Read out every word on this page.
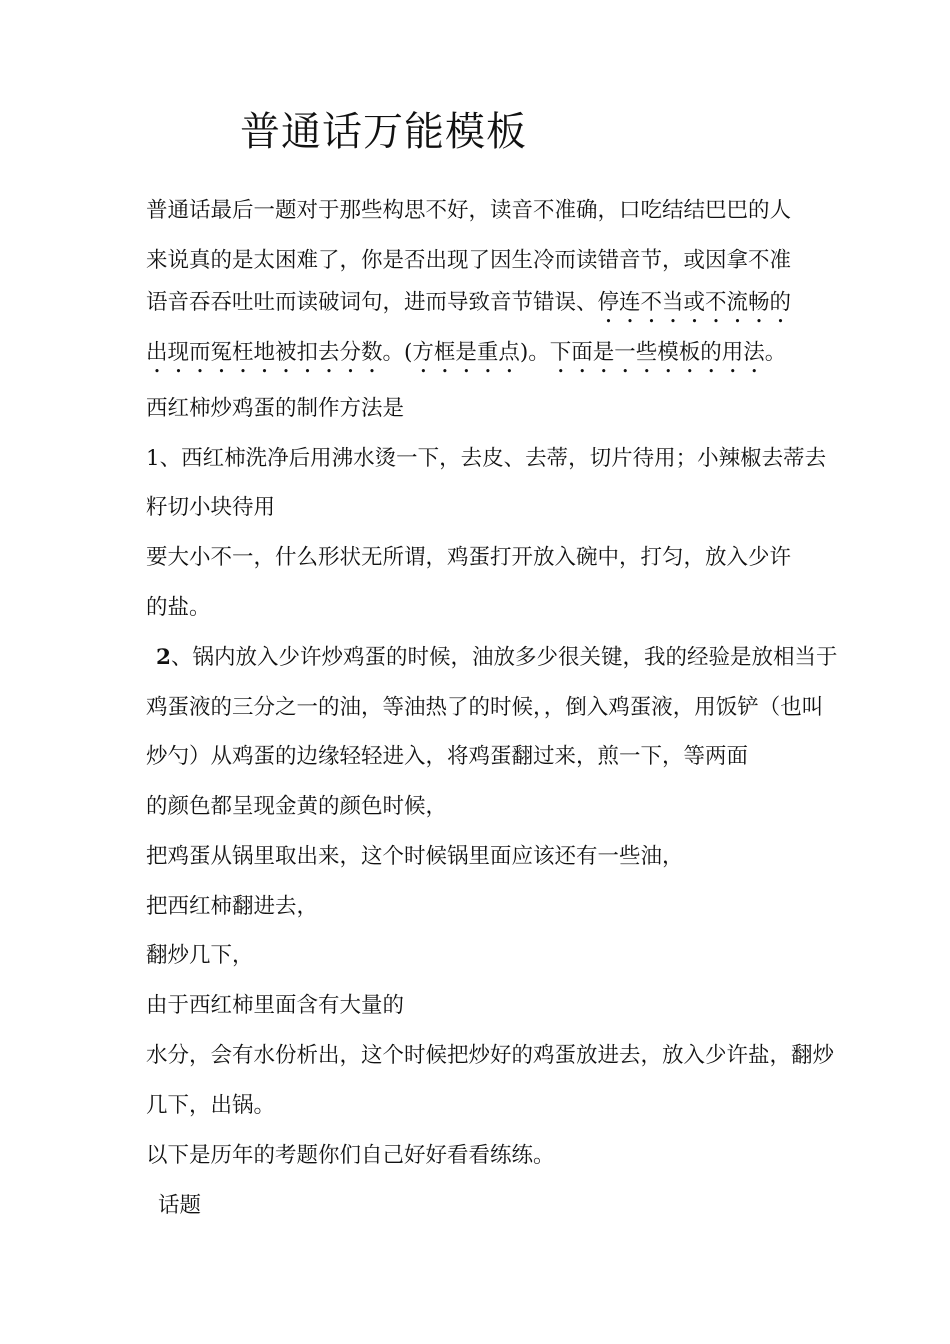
普通话万能模板
普通话最后一题对于那些构思不好，读音不准确，口吃结结巴巴的人
来说真的是太困难了，你是否出现了因生冷而读错音节，或因拿不准
语音吞吞吐吐而读破词句，进而导致音节错误、停连不当或不流畅的
出现而冤枉地被扣去分数。(方框是重点)。下面是一些模板的用法。
西红柿炒鸡蛋的制作方法是
1、西红柿洗净后用沸水烫一下，去皮、去蒂，切片待用；小辣椒去蒂去
籽切小块待用
要大小不一，什么形状无所谓，鸡蛋打开放入碗中，打匀，放入少许
的盐。
2、锅内放入少许炒鸡蛋的时候，油放多少很关键，我的经验是放相当于
鸡蛋液的三分之一的油，等油热了的时候，，倒入鸡蛋液，用饭铲（也叫
炒勺）从鸡蛋的边缘轻轻进入，将鸡蛋翻过来，煎一下，等两面
的颜色都呈现金黄的颜色时候，
把鸡蛋从锅里取出来，这个时候锅里面应该还有一些油，
把西红柿翻进去，
翻炒几下，
由于西红柿里面含有大量的
水分，会有水份析出，这个时候把炒好的鸡蛋放进去，放入少许盐，翻炒
几下，出锅。
以下是历年的考题你们自己好好看看练练。
话题
